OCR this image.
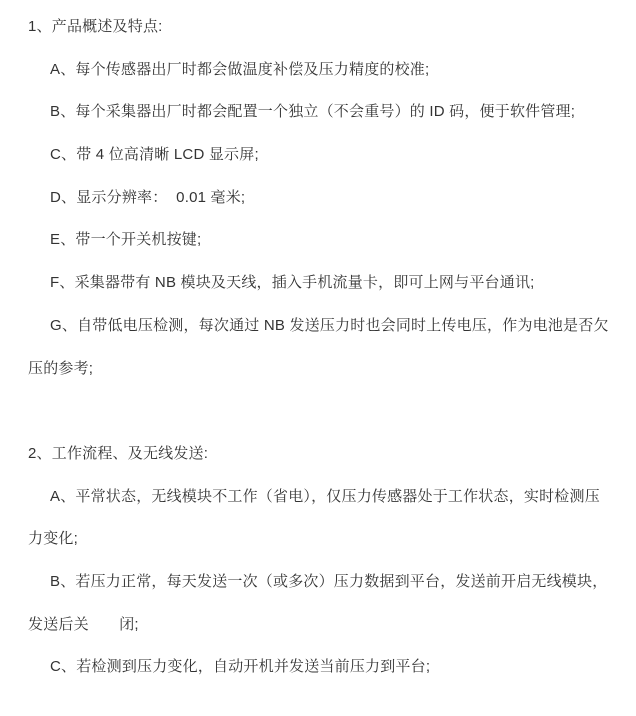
1、产品概述及特点:
A、每个传感器出厂时都会做温度补偿及压力精度的校准;
B、每个采集器出厂时都会配置一个独立（不会重号）的 ID 码，便于软件管理;
C、带 4 位高清晰 LCD 显示屏;
D、显示分辨率：  0.01 毫米;
E、带一个开关机按键;
F、采集器带有 NB 模块及天线，插入手机流量卡，即可上网与平台通讯;
G、自带低电压检测，每次通过 NB 发送压力时也会同时上传电压，作为电池是否欠
压的参考;
2、工作流程、及无线发送:
A、平常状态，无线模块不工作（省电），仅压力传感器处于工作状态，实时检测压
力变化;
B、若压力正常，每天发送一次（或多次）压力数据到平台，发送前开启无线模块，
发送后关　　闭;
C、若检测到压力变化，自动开机并发送当前压力到平台;
